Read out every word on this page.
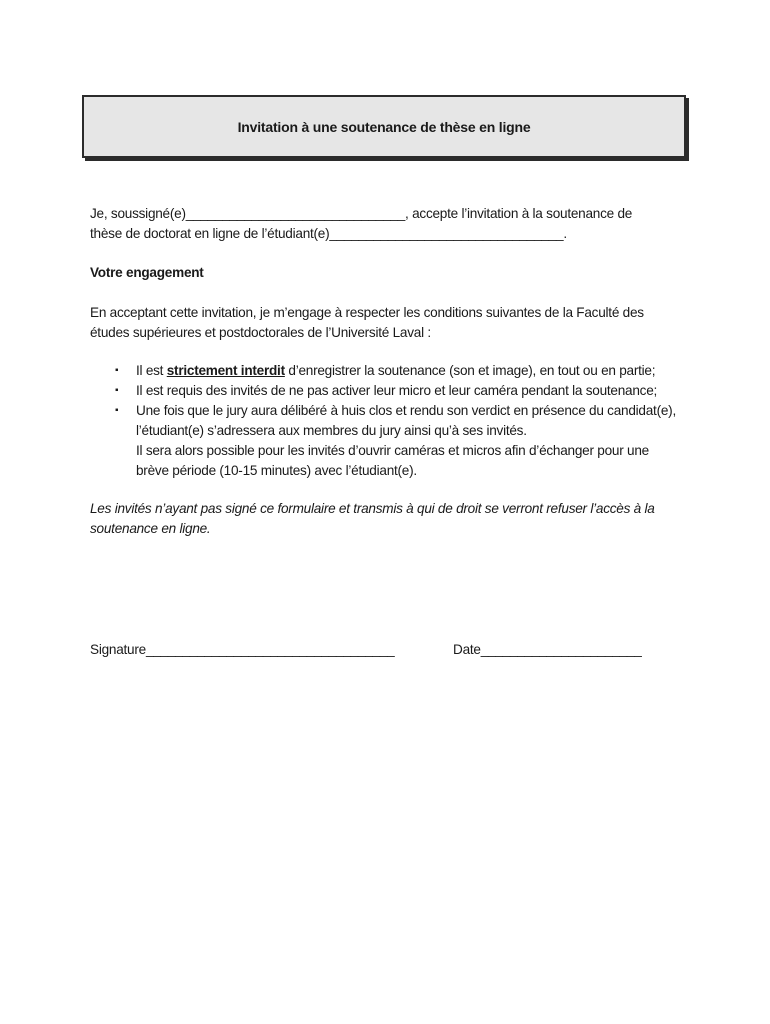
Invitation à une soutenance de thèse en ligne

Je, soussigné(e)______________________________, accepte l’invitation à la soutenance de
thèse de doctorat en ligne de l’étudiant(e)________________________________.

Votre engagement

En acceptant cette invitation, je m’engage à respecter les conditions suivantes de la Faculté des études supérieures et postdoctorales de l’Université Laval :

▪ Il est strictement interdit d’enregistrer la soutenance (son et image), en tout ou en partie;
▪ Il est requis des invités de ne pas activer leur micro et leur caméra pendant la soutenance;
▪ Une fois que le jury aura délibéré à huis clos et rendu son verdict en présence du candidat(e), l’étudiant(e) s’adressera aux membres du jury ainsi qu’à ses invités.
Il sera alors possible pour les invités d’ouvrir caméras et micros afin d’échanger pour une brève période (10-15 minutes) avec l’étudiant(e).

Les invités n’ayant pas signé ce formulaire et transmis à qui de droit se verront refuser l’accès à la soutenance en ligne.

Signature__________________________________	Date______________________
